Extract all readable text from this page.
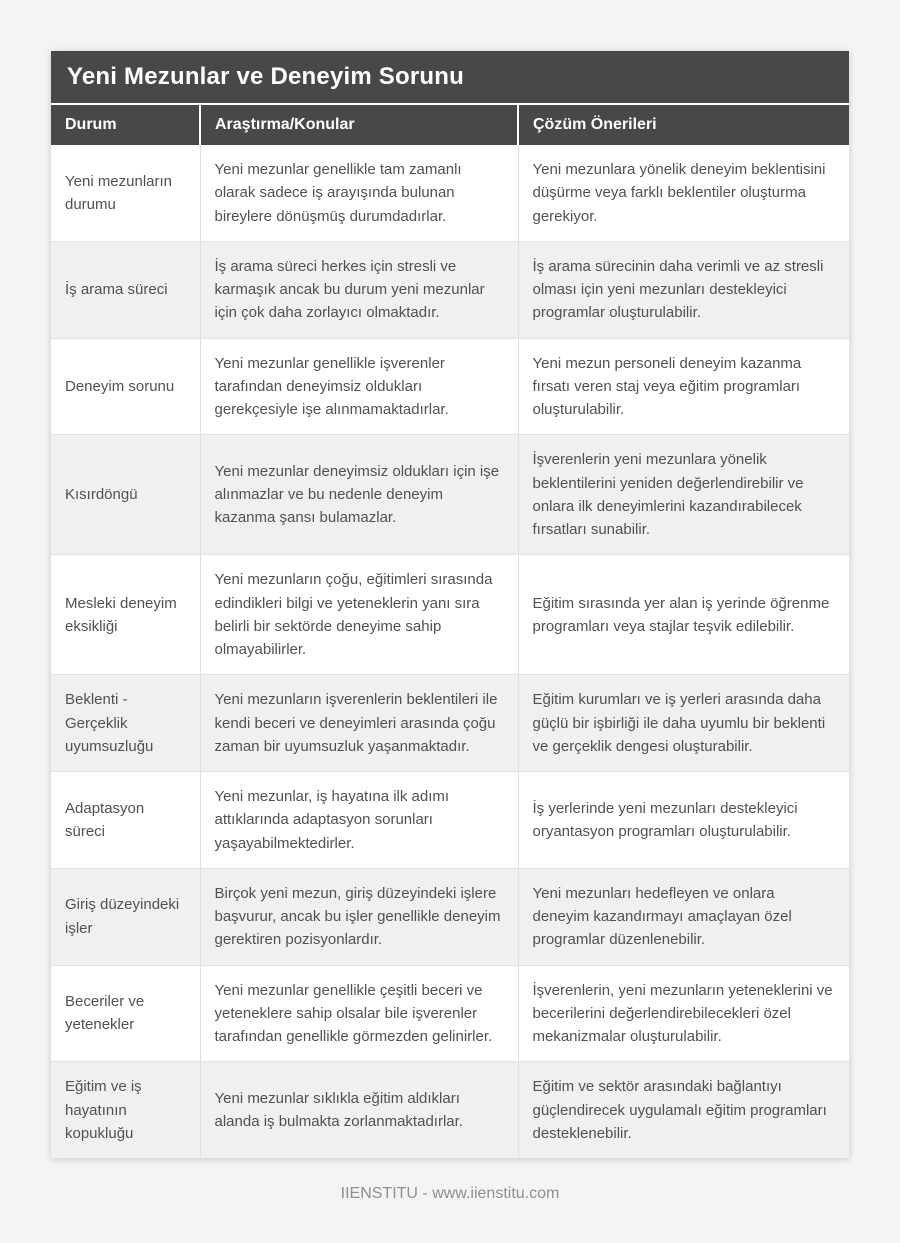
Yeni Mezunlar ve Deneyim Sorunu
Durum	Araştırma/Konular	Çözüm Önerileri
Yeni mezunların durumu	Yeni mezunlar genellikle tam zamanlı olarak sadece iş arayışında bulunan bireylere dönüşmüş durumdadırlar.	Yeni mezunlara yönelik deneyim beklentisini düşürme veya farklı beklentiler oluşturma gerekiyor.
İş arama süreci	İş arama süreci herkes için stresli ve karmaşık ancak bu durum yeni mezunlar için çok daha zorlayıcı olmaktadır.	İş arama sürecinin daha verimli ve az stresli olması için yeni mezunları destekleyici programlar oluşturulabilir.
Deneyim sorunu	Yeni mezunlar genellikle işverenler tarafından deneyimsiz oldukları gerekçesiyle işe alınmamaktadırlar.	Yeni mezun personeli deneyim kazanma fırsatı veren staj veya eğitim programları oluşturulabilir.
Kısırdöngü	Yeni mezunlar deneyimsiz oldukları için işe alınmazlar ve bu nedenle deneyim kazanma şansı bulamazlar.	İşverenlerin yeni mezunlara yönelik beklentilerini yeniden değerlendirebilir ve onlara ilk deneyimlerini kazandırabilecek fırsatları sunabilir.
Mesleki deneyim eksikliği	Yeni mezunların çoğu, eğitimleri sırasında edindikleri bilgi ve yeteneklerin yanı sıra belirli bir sektörde deneyime sahip olmayabilirler.	Eğitim sırasında yer alan iş yerinde öğrenme programları veya stajlar teşvik edilebilir.
Beklenti - Gerçeklik uyumsuzluğu	Yeni mezunların işverenlerin beklentileri ile kendi beceri ve deneyimleri arasında çoğu zaman bir uyumsuzluk yaşanmaktadır.	Eğitim kurumları ve iş yerleri arasında daha güçlü bir işbirliği ile daha uyumlu bir beklenti ve gerçeklik dengesi oluşturabilir.
Adaptasyon süreci	Yeni mezunlar, iş hayatına ilk adımı attıklarında adaptasyon sorunları yaşayabilmektedirler.	İş yerlerinde yeni mezunları destekleyici oryantasyon programları oluşturulabilir.
Giriş düzeyindeki işler	Birçok yeni mezun, giriş düzeyindeki işlere başvurur, ancak bu işler genellikle deneyim gerektiren pozisyonlardır.	Yeni mezunları hedefleyen ve onlara deneyim kazandırmayı amaçlayan özel programlar düzenlenebilir.
Beceriler ve yetenekler	Yeni mezunlar genellikle çeşitli beceri ve yeteneklere sahip olsalar bile işverenler tarafından genellikle görmezden gelinirler.	İşverenlerin, yeni mezunların yeteneklerini ve becerilerini değerlendirebilecekleri özel mekanizmalar oluşturulabilir.
Eğitim ve iş hayatının kopukluğu	Yeni mezunlar sıklıkla eğitim aldıkları alanda iş bulmakta zorlanmaktadırlar.	Eğitim ve sektör arasındaki bağlantıyı güçlendirecek uygulamalı eğitim programları desteklenebilir.
IIENSTITU - www.iienstitu.com
